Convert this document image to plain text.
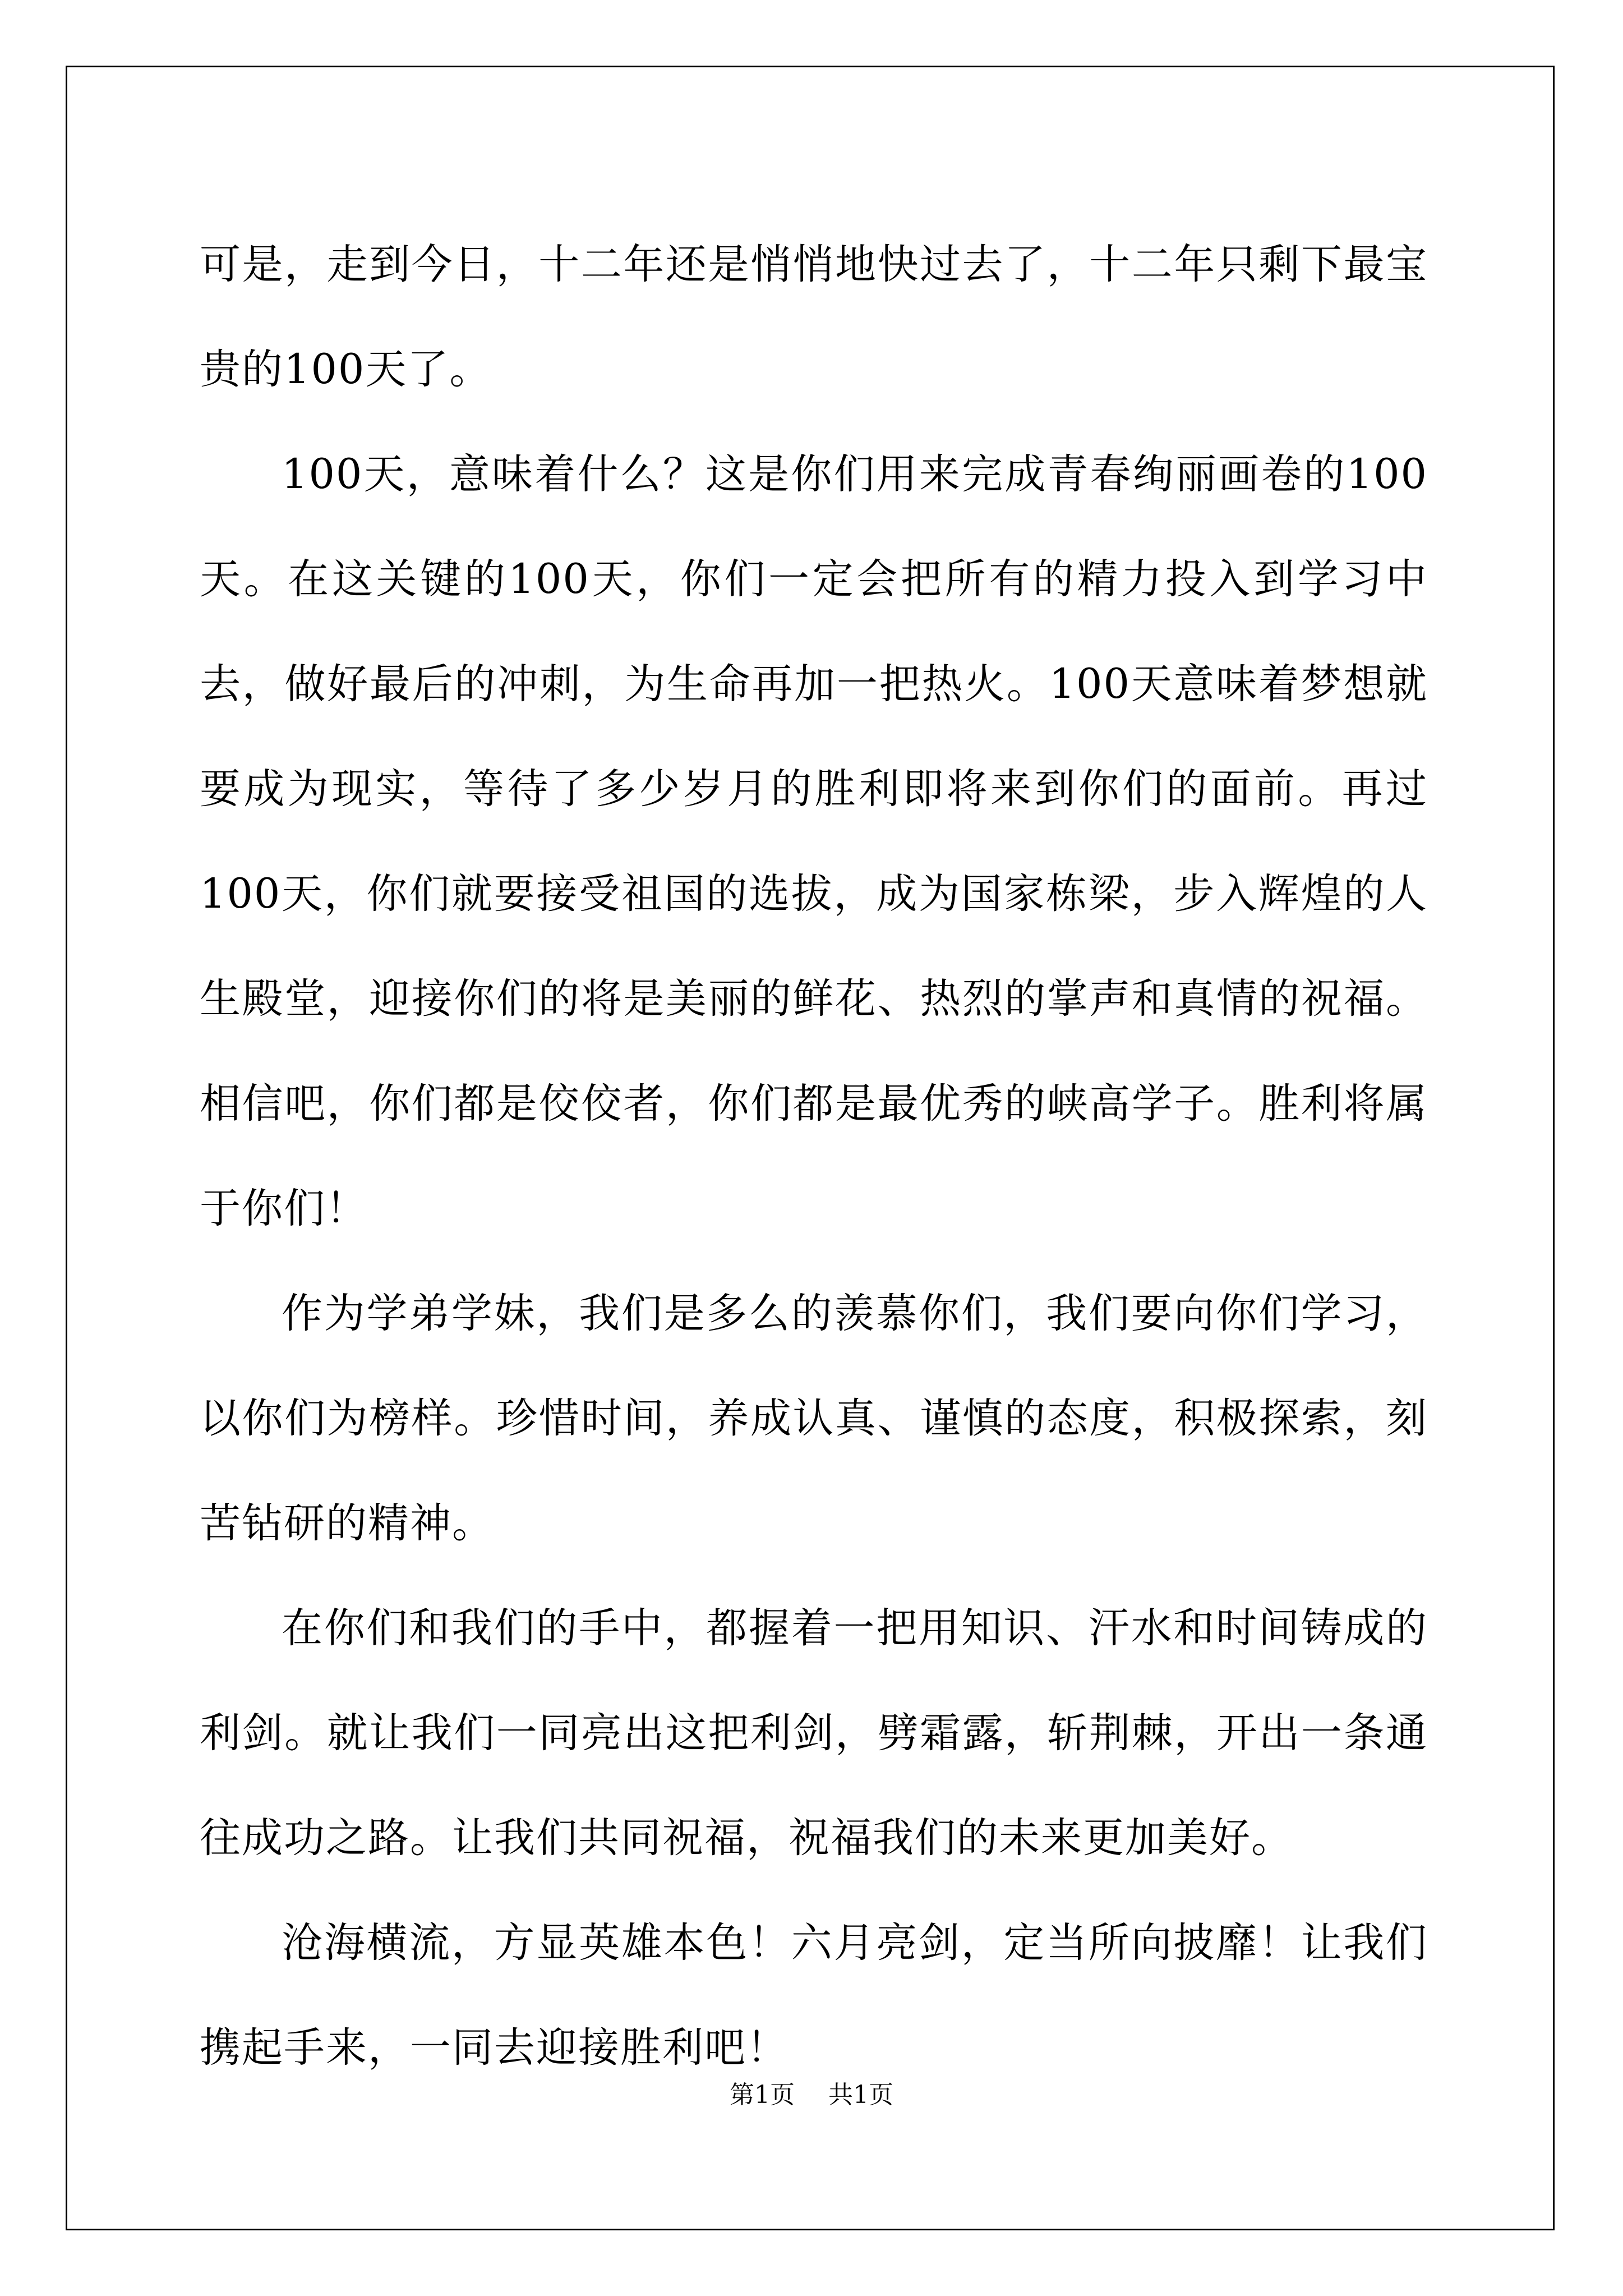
可是，走到今日，十二年还是悄悄地快过去了，十二年只剩下最宝贵的100天了。

100天，意味着什么？这是你们用来完成青春绚丽画卷的100天。在这关键的100天，你们一定会把所有的精力投入到学习中去，做好最后的冲刺，为生命再加一把热火。100天意味着梦想就要成为现实，等待了多少岁月的胜利即将来到你们的面前。再过100天，你们就要接受祖国的选拔，成为国家栋梁，步入辉煌的人生殿堂，迎接你们的将是美丽的鲜花、热烈的掌声和真情的祝福。相信吧，你们都是佼佼者，你们都是最优秀的峡高学子。胜利将属于你们！

作为学弟学妹，我们是多么的羡慕你们，我们要向你们学习，以你们为榜样。珍惜时间，养成认真、谨慎的态度，积极探索，刻苦钻研的精神。

在你们和我们的手中，都握着一把用知识、汗水和时间铸成的利剑。就让我们一同亮出这把利剑，劈霜露，斩荆棘，开出一条通往成功之路。让我们共同祝福，祝福我们的未来更加美好。

沧海横流，方显英雄本色！六月亮剑，定当所向披靡！让我们携起手来，一同去迎接胜利吧！

第1页 共1页
